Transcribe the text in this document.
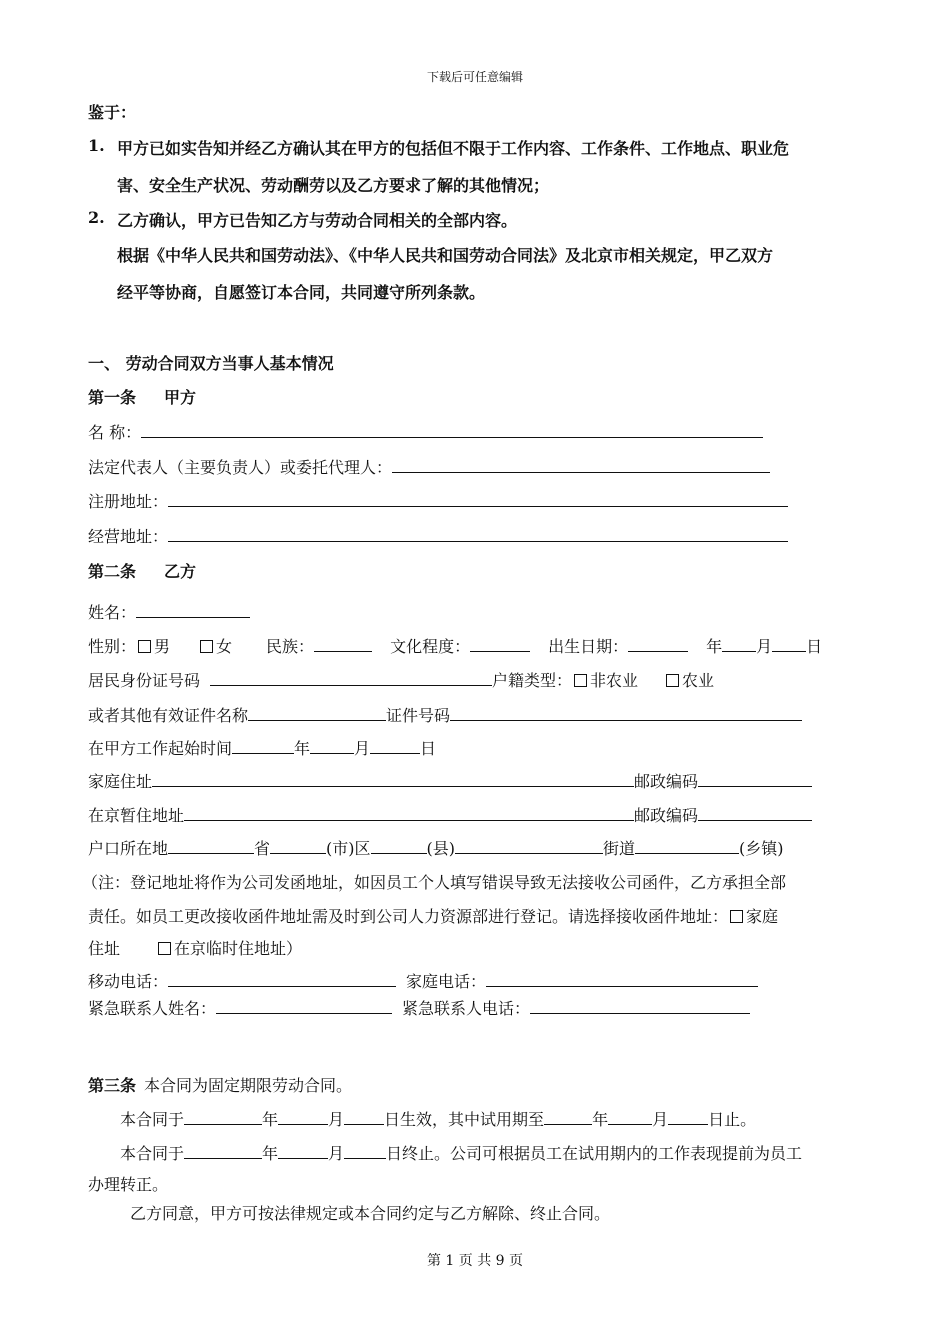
下载后可任意编辑
鉴于：
1. 甲方已如实告知并经乙方确认其在甲方的包括但不限于工作内容、工作条件、工作地点、职业危
害、安全生产状况、劳动酬劳以及乙方要求了解的其他情况；
2. 乙方确认，甲方已告知乙方与劳动合同相关的全部内容。
根据《中华人民共和国劳动法》、《中华人民共和国劳动合同法》及北京市相关规定，甲乙双方
经平等协商，自愿签订本合同，共同遵守所列条款。
一、 劳动合同双方当事人基本情况
第一条 甲方
名 称：
法定代表人（主要负责人）或委托代理人：
注册地址：
经营地址：
第二条 乙方
姓名：
性别： 男	女 民族：	文化程度：	出生日期：	年 月 日
居民身份证号码	户籍类型： 非农业	农业
或者其他有效证件名称	证件号码
在甲方工作起始时间	年	月	日
家庭住址	邮政编码
在京暂住地址	邮政编码
户口所在地	省	(市)区	(县)	街道	(乡镇)
（注：登记地址将作为公司发函地址，如因员工个人填写错误导致无法接收公司函件，乙方承担全部
责任。如员工更改接收函件地址需及时到公司人力资源部进行登记。请选择接收函件地址： 家庭
住址	在京临时住地址）
移动电话：	家庭电话：
紧急联系人姓名：	紧急联系人电话：
第三条 本合同为固定期限劳动合同。
本合同于	年	月	日生效，其中试用期至	年	月	日止。
本合同于	年	月	日终止。公司可根据员工在试用期内的工作表现提前为员工
办理转正。
乙方同意，甲方可按法律规定或本合同约定与乙方解除、终止合同。
第 1 页 共 9 页
